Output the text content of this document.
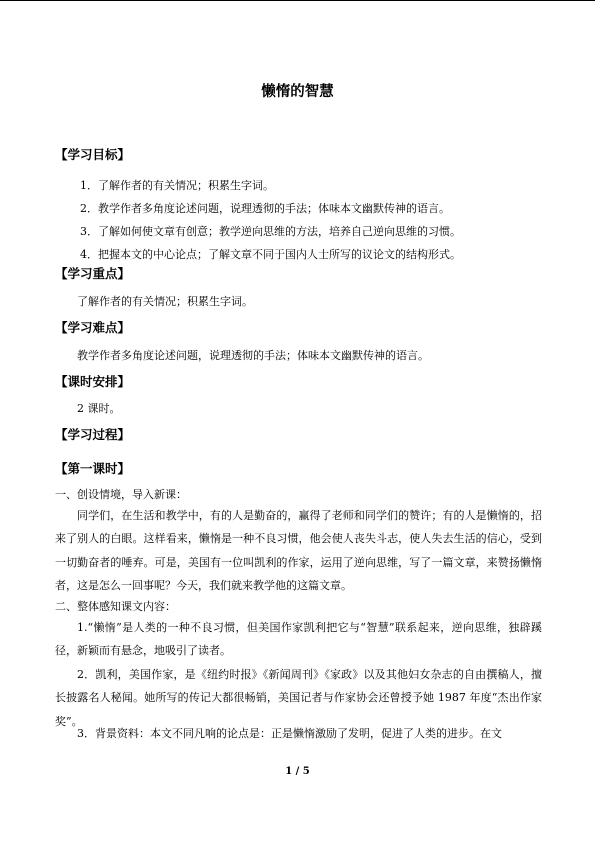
懒惰的智慧
【学习目标】
1．了解作者的有关情况；积累生字词。
2．教学作者多角度论述问题，说理透彻的手法；体味本文幽默传神的语言。
3．了解如何使文章有创意；教学逆向思维的方法，培养自己逆向思维的习惯。
4．把握本文的中心论点；了解文章不同于国内人士所写的议论文的结构形式。
【学习重点】
了解作者的有关情况；积累生字词。
【学习难点】
教学作者多角度论述问题，说理透彻的手法；体味本文幽默传神的语言。
【课时安排】
2 课时。
【学习过程】
【第一课时】
一、创设情境，导入新课：
同学们，在生活和教学中，有的人是勤奋的，赢得了老师和同学们的赞许；有的人是懒惰的，招来了别人的白眼。这样看来，懒惰是一种不良习惯，他会使人丧失斗志，使人失去生活的信心，受到一切勤奋者的唾弃。可是，美国有一位叫凯利的作家，运用了逆向思维，写了一篇文章，来赞扬懒惰者，这是怎么一回事呢？今天，我们就来教学他的这篇文章。
二、整体感知课文内容：
1.“懒惰”是人类的一种不良习惯，但美国作家凯利把它与“智慧”联系起来，逆向思维，独辟蹊径，新颖而有悬念，地吸引了读者。
2．凯利，美国作家，是《纽约时报》《新闻周刊》《家政》以及其他妇女杂志的自由撰稿人，擅长披露名人秘闻。她所写的传记大都很畅销，美国记者与作家协会还曾授予她 1987 年度“杰出作家奖”。
3．背景资料：本文不同凡响的论点是：正是懒惰激励了发明，促进了人类的进步。在文
1 / 5
